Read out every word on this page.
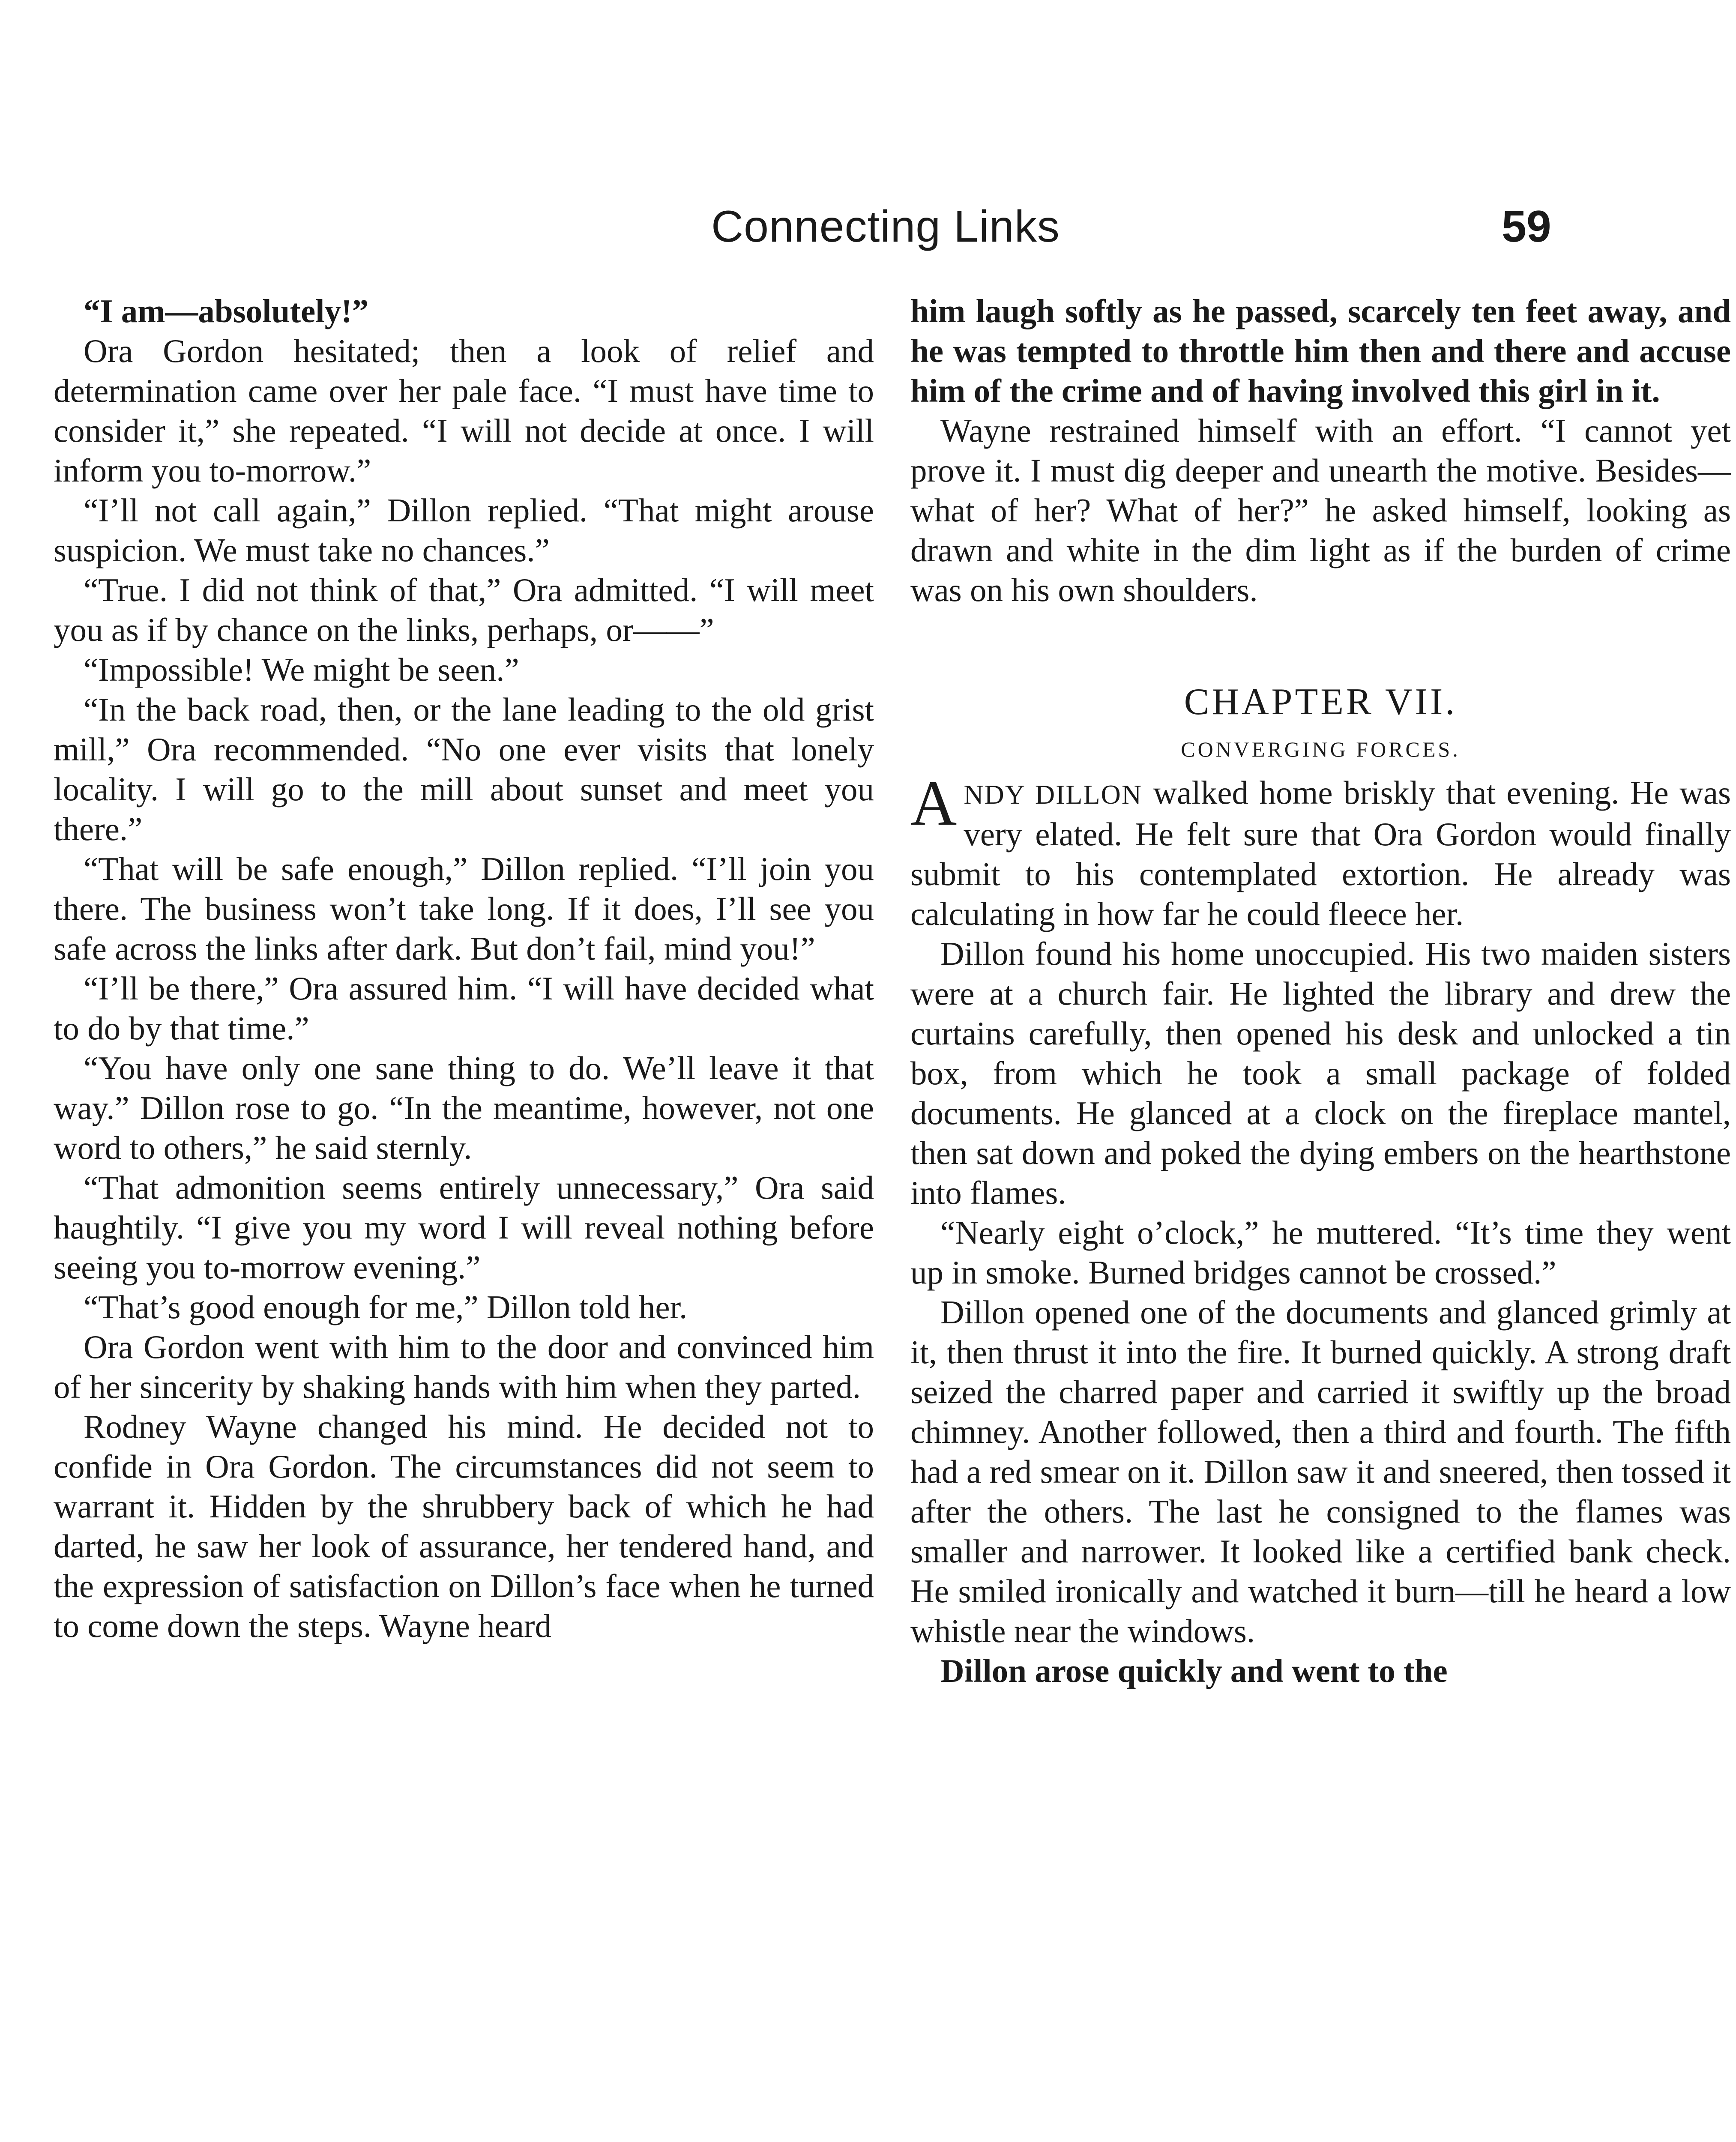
Connecting Links	59

“I am—absolutely!”

Ora Gordon hesitated; then a look of relief and determination came over her pale face. “I must have time to consider it,” she repeated. “I will not decide at once. I will inform you to-morrow.”

“I’ll not call again,” Dillon replied. “That might arouse suspicion. We must take no chances.”

“True. I did not think of that,” Ora admitted. “I will meet you as if by chance on the links, perhaps, or——”

“Impossible! We might be seen.”

“In the back road, then, or the lane leading to the old grist mill,” Ora recommended. “No one ever visits that lonely locality. I will go to the mill about sunset and meet you there.”

“That will be safe enough,” Dillon replied. “I’ll join you there. The business won’t take long. If it does, I’ll see you safe across the links after dark. But don’t fail, mind you!”

“I’ll be there,” Ora assured him. “I will have decided what to do by that time.”

“You have only one sane thing to do. We’ll leave it that way.” Dillon rose to go. “In the meantime, however, not one word to others,” he said sternly.

“That admonition seems entirely unnecessary,” Ora said haughtily. “I give you my word I will reveal nothing before seeing you to-morrow evening.”

“That’s good enough for me,” Dillon told her.

Ora Gordon went with him to the door and convinced him of her sincerity by shaking hands with him when they parted.

Rodney Wayne changed his mind. He decided not to confide in Ora Gordon. The circumstances did not seem to warrant it. Hidden by the shrubbery back of which he had darted, he saw her look of assurance, her tendered hand, and the expression of satisfaction on Dillon’s face when he turned to come down the steps. Wayne heard

him laugh softly as he passed, scarcely ten feet away, and he was tempted to throttle him then and there and accuse him of the crime and of having involved this girl in it.

Wayne restrained himself with an effort. “I cannot yet prove it. I must dig deeper and unearth the motive. Besides—what of her? What of her?” he asked himself, looking as drawn and white in the dim light as if the burden of crime was on his own shoulders.

CHAPTER VII.

CONVERGING FORCES.

ANDY DILLON walked home briskly that evening. He was very elated. He felt sure that Ora Gordon would finally submit to his contemplated extortion. He already was calculating in how far he could fleece her.

Dillon found his home unoccupied. His two maiden sisters were at a church fair. He lighted the library and drew the curtains carefully, then opened his desk and unlocked a tin box, from which he took a small package of folded documents. He glanced at a clock on the fireplace mantel, then sat down and poked the dying embers on the hearthstone into flames.

“Nearly eight o’clock,” he muttered. “It’s time they went up in smoke. Burned bridges cannot be crossed.”

Dillon opened one of the documents and glanced grimly at it, then thrust it into the fire. It burned quickly. A strong draft seized the charred paper and carried it swiftly up the broad chimney. Another followed, then a third and fourth. The fifth had a red smear on it. Dillon saw it and sneered, then tossed it after the others. The last he consigned to the flames was smaller and narrower. It looked like a certified bank check. He smiled ironically and watched it burn—till he heard a low whistle near the windows.

Dillon arose quickly and went to the
